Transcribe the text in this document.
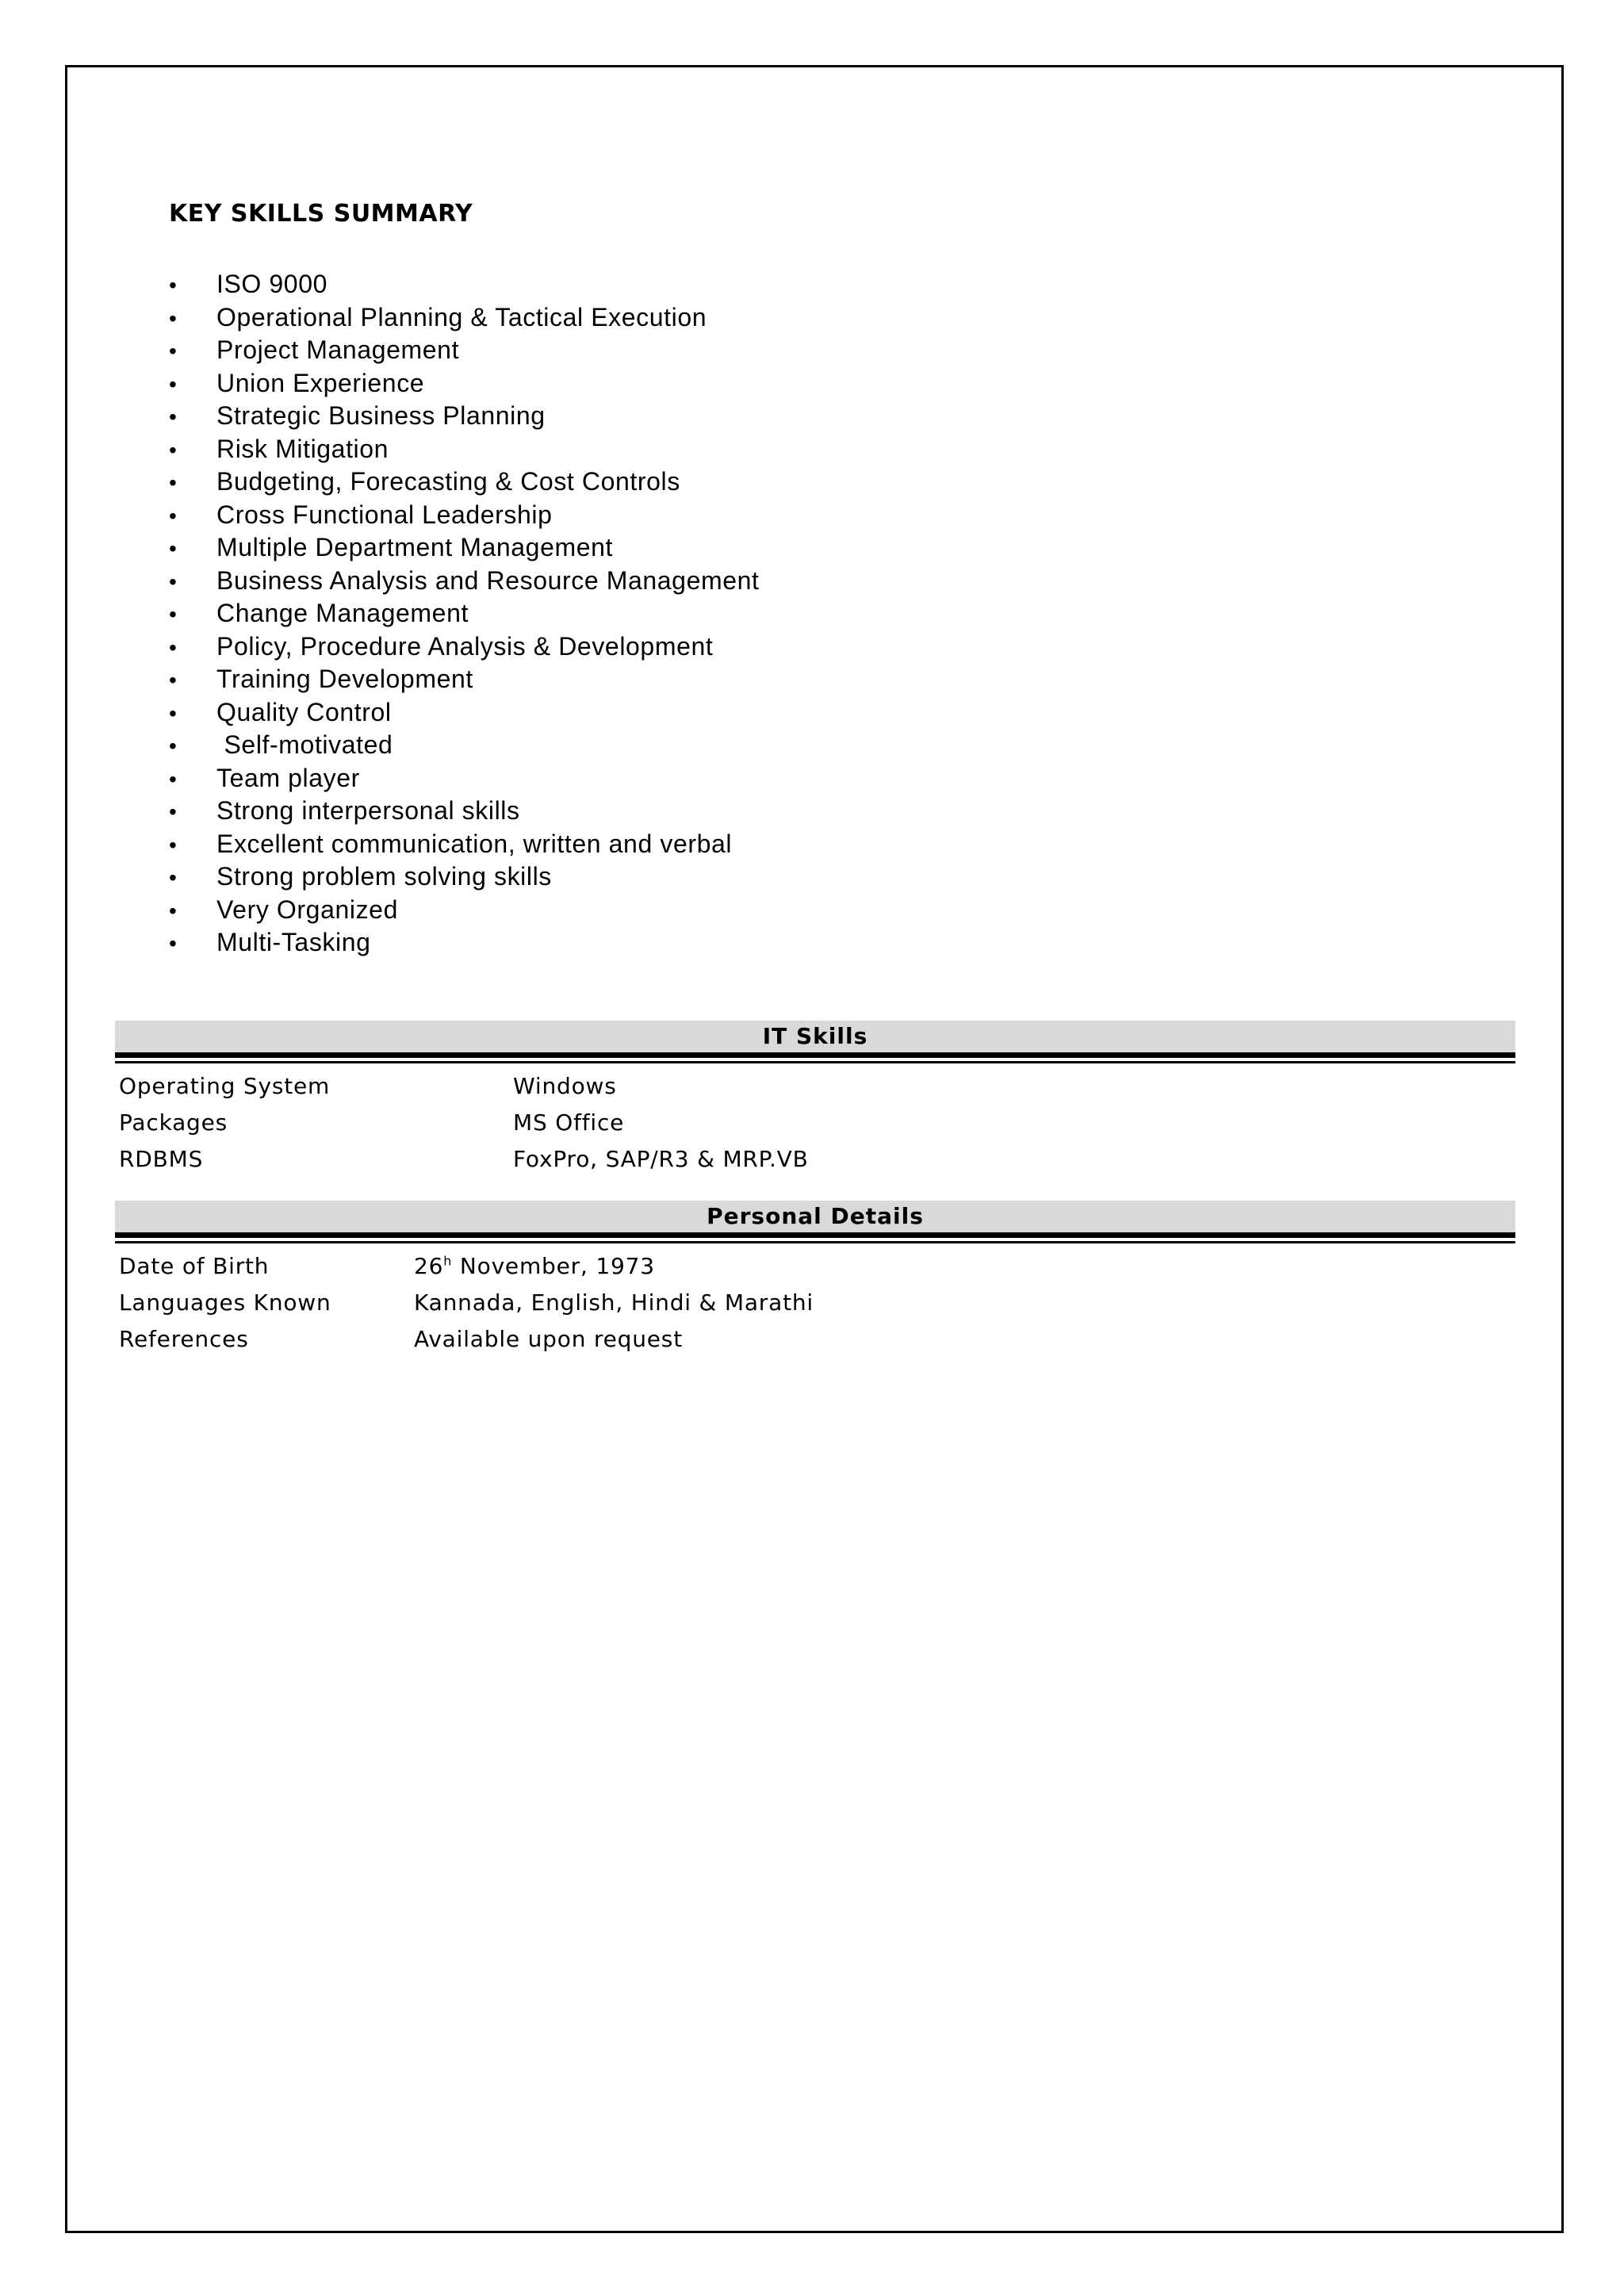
KEY SKILLS SUMMARY
• ISO 9000
• Operational Planning & Tactical Execution
• Project Management
• Union Experience
• Strategic Business Planning
• Risk Mitigation
• Budgeting, Forecasting & Cost Controls
• Cross Functional Leadership
• Multiple Department Management
• Business Analysis and Resource Management
• Change Management
• Policy, Procedure Analysis & Development
• Training Development
• Quality Control
• Self-motivated
• Team player
• Strong interpersonal skills
• Excellent communication, written and verbal
• Strong problem solving skills
• Very Organized
• Multi-Tasking
IT Skills
Operating System	Windows
Packages	MS Office
RDBMS	FoxPro, SAP/R3 & MRP.VB
Personal Details
Date of Birth	26$^h$ November, 1973
Languages Known	Kannada, English, Hindi & Marathi
References	Available upon request
